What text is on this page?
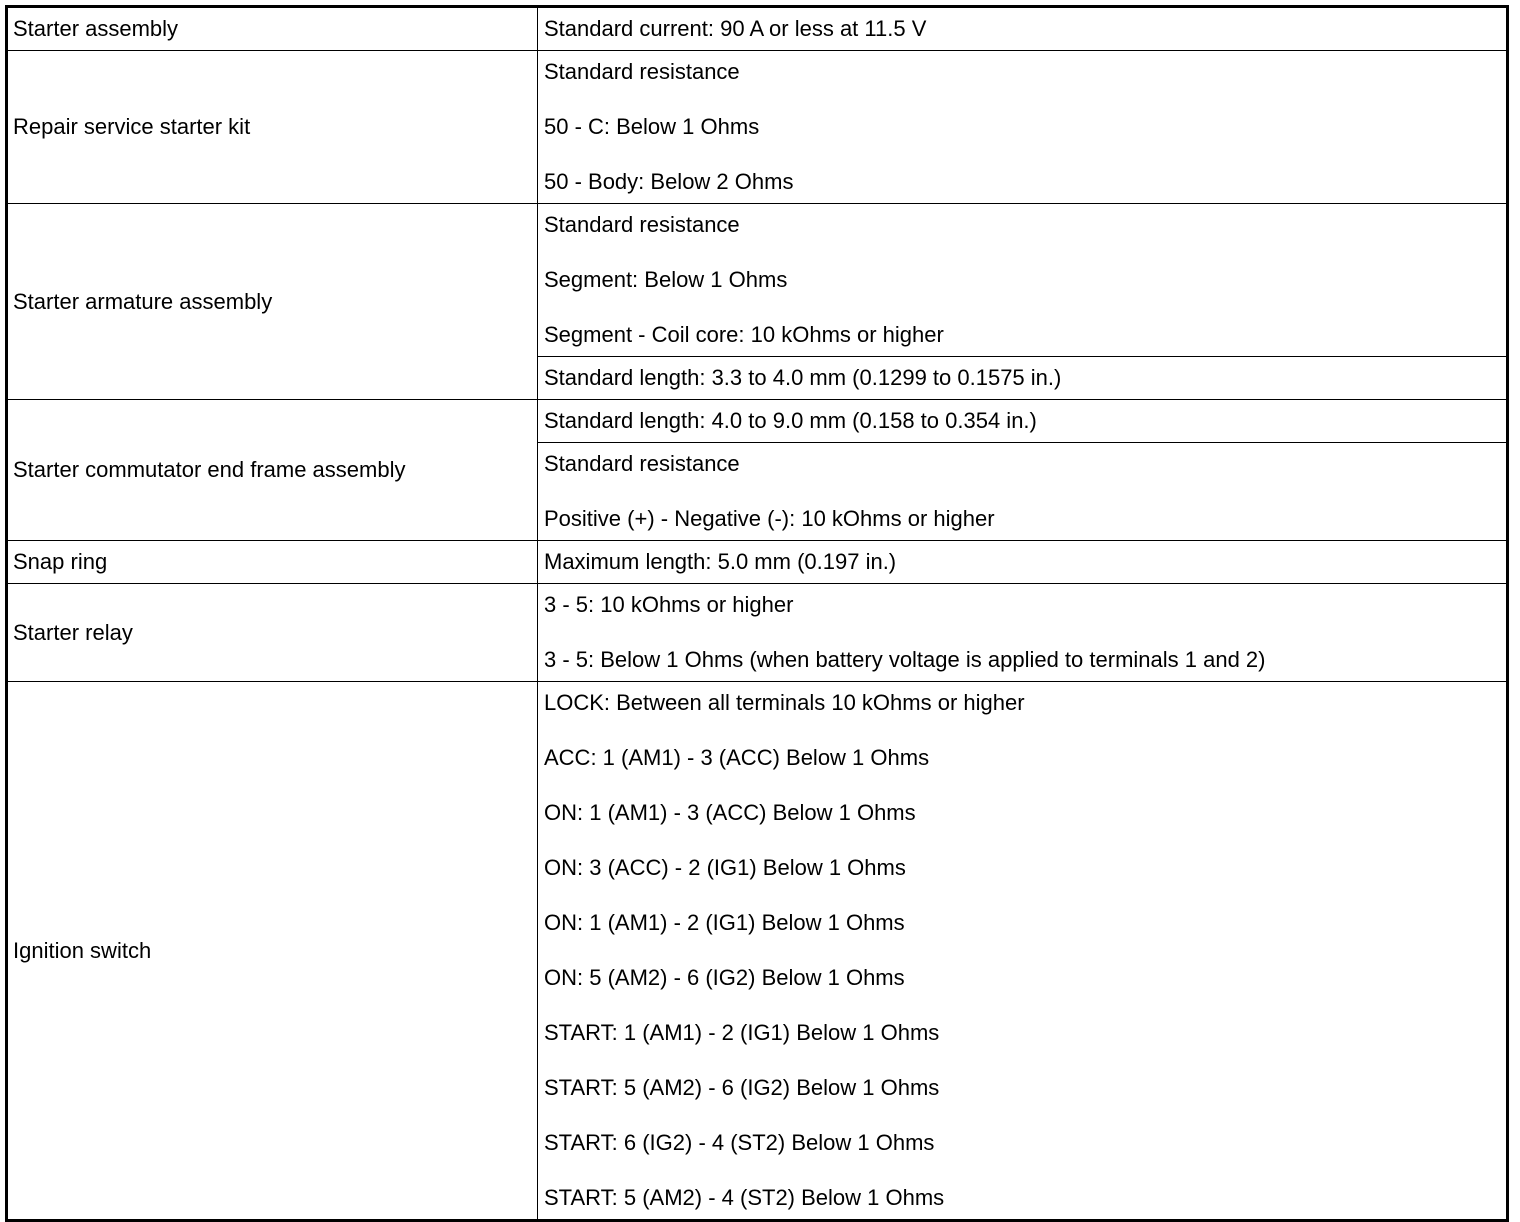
Starter assembly	Standard current: 90 A or less at 11.5 V
Repair service starter kit
Standard resistance
50 - C: Below 1 Ohms
50 - Body: Below 2 Ohms
Starter armature assembly
Standard resistance
Segment: Below 1 Ohms
Segment - Coil core: 10 kOhms or higher
Standard length: 3.3 to 4.0 mm (0.1299 to 0.1575 in.)
Starter commutator end frame assembly
Standard length: 4.0 to 9.0 mm (0.158 to 0.354 in.)
Standard resistance
Positive (+) - Negative (-): 10 kOhms or higher
Snap ring	Maximum length: 5.0 mm (0.197 in.)
Starter relay
3 - 5: 10 kOhms or higher
3 - 5: Below 1 Ohms (when battery voltage is applied to terminals 1 and 2)
Ignition switch
LOCK: Between all terminals 10 kOhms or higher
ACC: 1 (AM1) - 3 (ACC) Below 1 Ohms
ON: 1 (AM1) - 3 (ACC) Below 1 Ohms
ON: 3 (ACC) - 2 (IG1) Below 1 Ohms
ON: 1 (AM1) - 2 (IG1) Below 1 Ohms
ON: 5 (AM2) - 6 (IG2) Below 1 Ohms
START: 1 (AM1) - 2 (IG1) Below 1 Ohms
START: 5 (AM2) - 6 (IG2) Below 1 Ohms
START: 6 (IG2) - 4 (ST2) Below 1 Ohms
START: 5 (AM2) - 4 (ST2) Below 1 Ohms
